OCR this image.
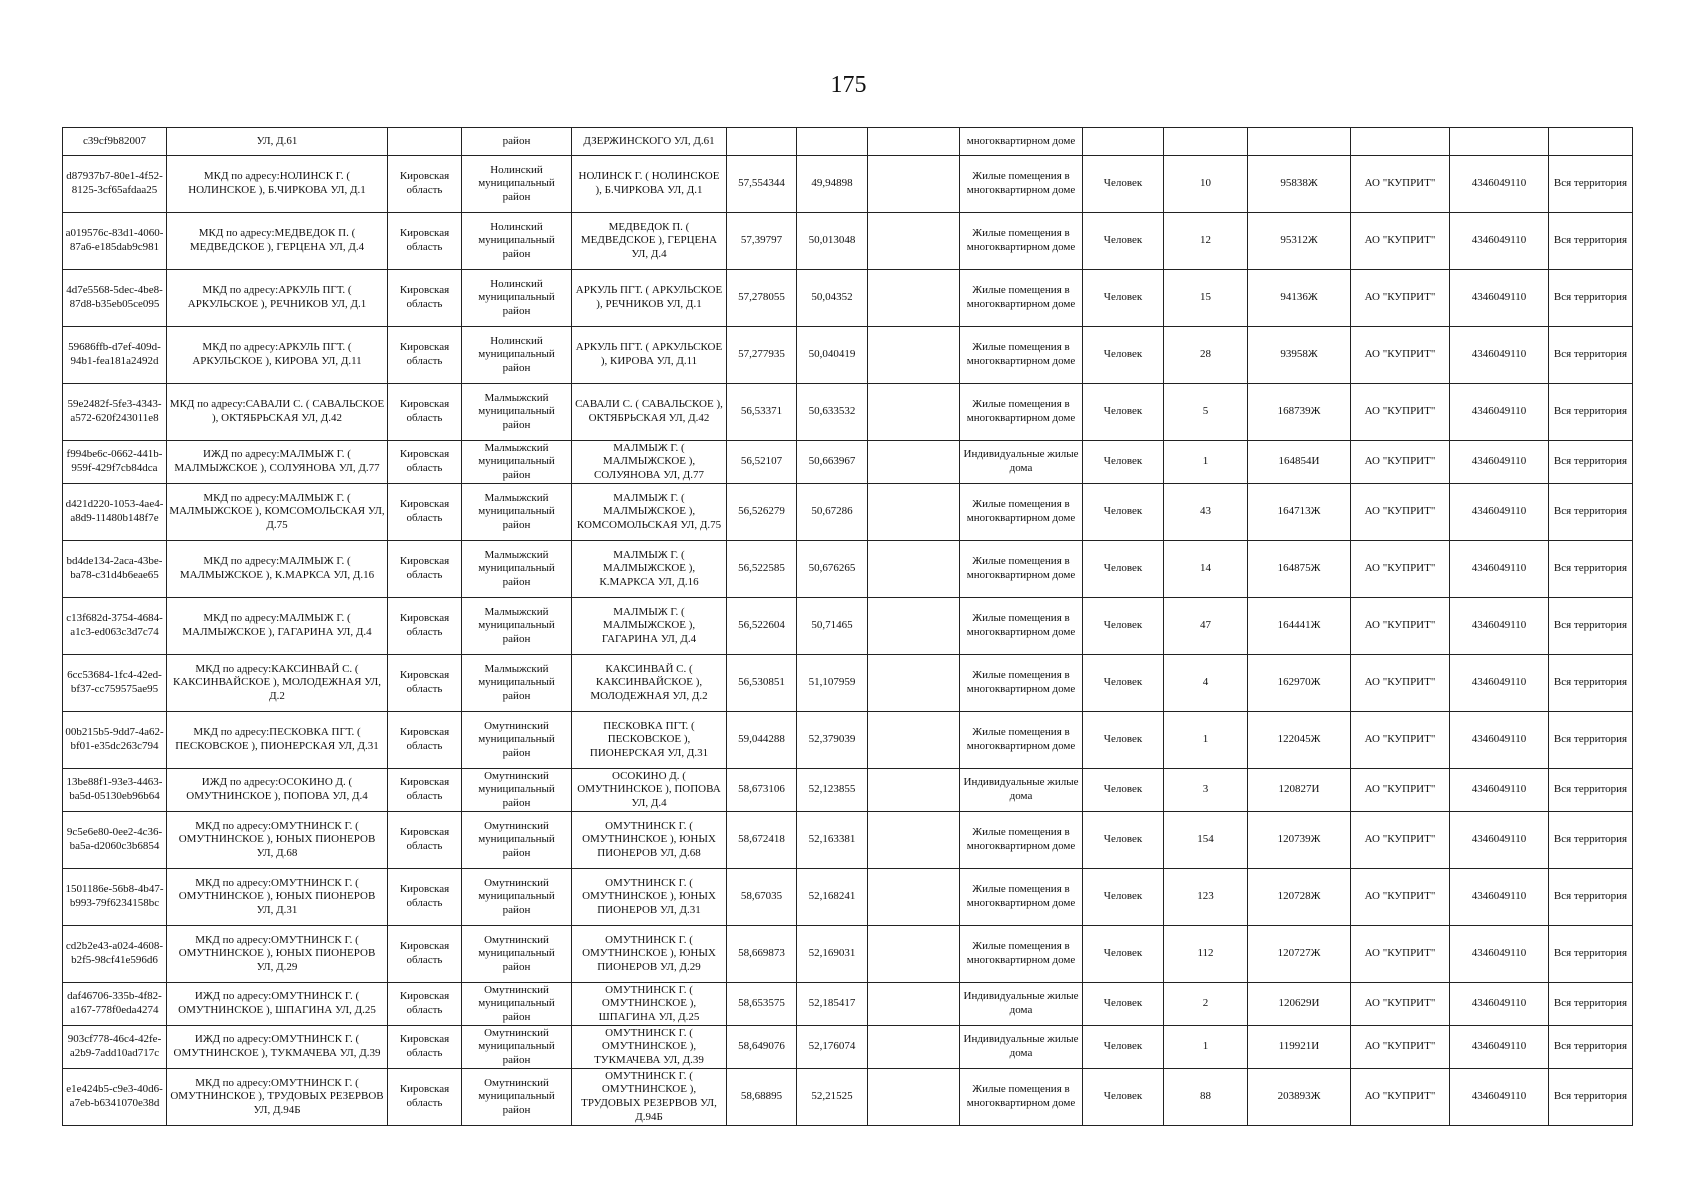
175
c39cf9b82007	УЛ, Д.61		район	ДЗЕРЖИНСКОГО УЛ, Д.61				многоквартирном доме						
d87937b7-80e1-4f52-8125-3cf65afdaa25	МКД по адресу:НОЛИНСК Г. ( НОЛИНСКОЕ ), Б.ЧИРКОВА УЛ, Д.1	Кировская область	Нолинский муниципальный район	НОЛИНСК Г. ( НОЛИНСКОЕ ), Б.ЧИРКОВА УЛ, Д.1	57,554344	49,94898		Жилые помещения в многоквартирном доме	Человек	10	95838Ж	АО "КУПРИТ"	4346049110	Вся территория
a019576c-83d1-4060-87a6-e185dab9c981	МКД по адресу:МЕДВЕДОК П. ( МЕДВЕДСКОЕ ), ГЕРЦЕНА УЛ, Д.4	Кировская область	Нолинский муниципальный район	МЕДВЕДОК П. ( МЕДВЕДСКОЕ ), ГЕРЦЕНА УЛ, Д.4	57,39797	50,013048		Жилые помещения в многоквартирном доме	Человек	12	95312Ж	АО "КУПРИТ"	4346049110	Вся территория
4d7e5568-5dec-4be8-87d8-b35eb05ce095	МКД по адресу:АРКУЛЬ ПГТ. ( АРКУЛЬСКОЕ ), РЕЧНИКОВ УЛ, Д.1	Кировская область	Нолинский муниципальный район	АРКУЛЬ ПГТ. ( АРКУЛЬСКОЕ ), РЕЧНИКОВ УЛ, Д.1	57,278055	50,04352		Жилые помещения в многоквартирном доме	Человек	15	94136Ж	АО "КУПРИТ"	4346049110	Вся территория
59686ffb-d7ef-409d-94b1-fea181a2492d	МКД по адресу:АРКУЛЬ ПГТ. ( АРКУЛЬСКОЕ ), КИРОВА УЛ, Д.11	Кировская область	Нолинский муниципальный район	АРКУЛЬ ПГТ. ( АРКУЛЬСКОЕ ), КИРОВА УЛ, Д.11	57,277935	50,040419		Жилые помещения в многоквартирном доме	Человек	28	93958Ж	АО "КУПРИТ"	4346049110	Вся территория
59e2482f-5fe3-4343-a572-620f243011e8	МКД по адресу:САВАЛИ С. ( САВАЛЬСКОЕ ), ОКТЯБРЬСКАЯ УЛ, Д.42	Кировская область	Малмыжский муниципальный район	САВАЛИ С. ( САВАЛЬСКОЕ ), ОКТЯБРЬСКАЯ УЛ, Д.42	56,53371	50,633532		Жилые помещения в многоквартирном доме	Человек	5	168739Ж	АО "КУПРИТ"	4346049110	Вся территория
f994be6c-0662-441b-959f-429f7cb84dca	ИЖД по адресу:МАЛМЫЖ Г. ( МАЛМЫЖСКОЕ ), СОЛУЯНОВА УЛ, Д.77	Кировская область	Малмыжский муниципальный район	МАЛМЫЖ Г. ( МАЛМЫЖСКОЕ ), СОЛУЯНОВА УЛ, Д.77	56,52107	50,663967		Индивидуальные жилые дома	Человек	1	164854И	АО "КУПРИТ"	4346049110	Вся территория
d421d220-1053-4ae4-a8d9-11480b148f7e	МКД по адресу:МАЛМЫЖ Г. ( МАЛМЫЖСКОЕ ), КОМСОМОЛЬСКАЯ УЛ, Д.75	Кировская область	Малмыжский муниципальный район	МАЛМЫЖ Г. ( МАЛМЫЖСКОЕ ), КОМСОМОЛЬСКАЯ УЛ, Д.75	56,526279	50,67286		Жилые помещения в многоквартирном доме	Человек	43	164713Ж	АО "КУПРИТ"	4346049110	Вся территория
bd4de134-2aca-43be-ba78-c31d4b6eae65	МКД по адресу:МАЛМЫЖ Г. ( МАЛМЫЖСКОЕ ), К.МАРКСА УЛ, Д.16	Кировская область	Малмыжский муниципальный район	МАЛМЫЖ Г. ( МАЛМЫЖСКОЕ ), К.МАРКСА УЛ, Д.16	56,522585	50,676265		Жилые помещения в многоквартирном доме	Человек	14	164875Ж	АО "КУПРИТ"	4346049110	Вся территория
c13f682d-3754-4684-a1c3-ed063c3d7c74	МКД по адресу:МАЛМЫЖ Г. ( МАЛМЫЖСКОЕ ), ГАГАРИНА УЛ, Д.4	Кировская область	Малмыжский муниципальный район	МАЛМЫЖ Г. ( МАЛМЫЖСКОЕ ), ГАГАРИНА УЛ, Д.4	56,522604	50,71465		Жилые помещения в многоквартирном доме	Человек	47	164441Ж	АО "КУПРИТ"	4346049110	Вся территория
6cc53684-1fc4-42ed-bf37-cc759575ae95	МКД по адресу:КАКСИНВАЙ С. ( КАКСИНВАЙСКОЕ ), МОЛОДЕЖНАЯ УЛ, Д.2	Кировская область	Малмыжский муниципальный район	КАКСИНВАЙ С. ( КАКСИНВАЙСКОЕ ), МОЛОДЕЖНАЯ УЛ, Д.2	56,530851	51,107959		Жилые помещения в многоквартирном доме	Человек	4	162970Ж	АО "КУПРИТ"	4346049110	Вся территория
00b215b5-9dd7-4a62-bf01-e35dc263c794	МКД по адресу:ПЕСКОВКА ПГТ. ( ПЕСКОВСКОЕ ), ПИОНЕРСКАЯ УЛ, Д.31	Кировская область	Омутнинский муниципальный район	ПЕСКОВКА ПГТ. ( ПЕСКОВСКОЕ ), ПИОНЕРСКАЯ УЛ, Д.31	59,044288	52,379039		Жилые помещения в многоквартирном доме	Человек	1	122045Ж	АО "КУПРИТ"	4346049110	Вся территория
13be88f1-93e3-4463-ba5d-05130eb96b64	ИЖД по адресу:ОСОКИНО Д. ( ОМУТНИНСКОЕ ), ПОПОВА УЛ, Д.4	Кировская область	Омутнинский муниципальный район	ОСОКИНО Д. ( ОМУТНИНСКОЕ ), ПОПОВА УЛ, Д.4	58,673106	52,123855		Индивидуальные жилые дома	Человек	3	120827И	АО "КУПРИТ"	4346049110	Вся территория
9c5e6e80-0ee2-4c36-ba5a-d2060c3b6854	МКД по адресу:ОМУТНИНСК Г. ( ОМУТНИНСКОЕ ), ЮНЫХ ПИОНЕРОВ УЛ, Д.68	Кировская область	Омутнинский муниципальный район	ОМУТНИНСК Г. ( ОМУТНИНСКОЕ ), ЮНЫХ ПИОНЕРОВ УЛ, Д.68	58,672418	52,163381		Жилые помещения в многоквартирном доме	Человек	154	120739Ж	АО "КУПРИТ"	4346049110	Вся территория
1501186e-56b8-4b47-b993-79f6234158bc	МКД по адресу:ОМУТНИНСК Г. ( ОМУТНИНСКОЕ ), ЮНЫХ ПИОНЕРОВ УЛ, Д.31	Кировская область	Омутнинский муниципальный район	ОМУТНИНСК Г. ( ОМУТНИНСКОЕ ), ЮНЫХ ПИОНЕРОВ УЛ, Д.31	58,67035	52,168241		Жилые помещения в многоквартирном доме	Человек	123	120728Ж	АО "КУПРИТ"	4346049110	Вся территория
cd2b2e43-a024-4608-b2f5-98cf41e596d6	МКД по адресу:ОМУТНИНСК Г. ( ОМУТНИНСКОЕ ), ЮНЫХ ПИОНЕРОВ УЛ, Д.29	Кировская область	Омутнинский муниципальный район	ОМУТНИНСК Г. ( ОМУТНИНСКОЕ ), ЮНЫХ ПИОНЕРОВ УЛ, Д.29	58,669873	52,169031		Жилые помещения в многоквартирном доме	Человек	112	120727Ж	АО "КУПРИТ"	4346049110	Вся территория
daf46706-335b-4f82-a167-778f0eda4274	ИЖД по адресу:ОМУТНИНСК Г. ( ОМУТНИНСКОЕ ), ШПАГИНА УЛ, Д.25	Кировская область	Омутнинский муниципальный район	ОМУТНИНСК Г. ( ОМУТНИНСКОЕ ), ШПАГИНА УЛ, Д.25	58,653575	52,185417		Индивидуальные жилые дома	Человек	2	120629И	АО "КУПРИТ"	4346049110	Вся территория
903cf778-46c4-42fe-a2b9-7add10ad717c	ИЖД по адресу:ОМУТНИНСК Г. ( ОМУТНИНСКОЕ ), ТУКМАЧЕВА УЛ, Д.39	Кировская область	Омутнинский муниципальный район	ОМУТНИНСК Г. ( ОМУТНИНСКОЕ ), ТУКМАЧЕВА УЛ, Д.39	58,649076	52,176074		Индивидуальные жилые дома	Человек	1	119921И	АО "КУПРИТ"	4346049110	Вся территория
e1e424b5-c9e3-40d6-a7eb-b6341070e38d	МКД по адресу:ОМУТНИНСК Г. ( ОМУТНИНСКОЕ ), ТРУДОВЫХ РЕЗЕРВОВ УЛ, Д.94Б	Кировская область	Омутнинский муниципальный район	ОМУТНИНСК Г. ( ОМУТНИНСКОЕ ), ТРУДОВЫХ РЕЗЕРВОВ УЛ, Д.94Б	58,68895	52,21525		Жилые помещения в многоквартирном доме	Человек	88	203893Ж	АО "КУПРИТ"	4346049110	Вся территория
